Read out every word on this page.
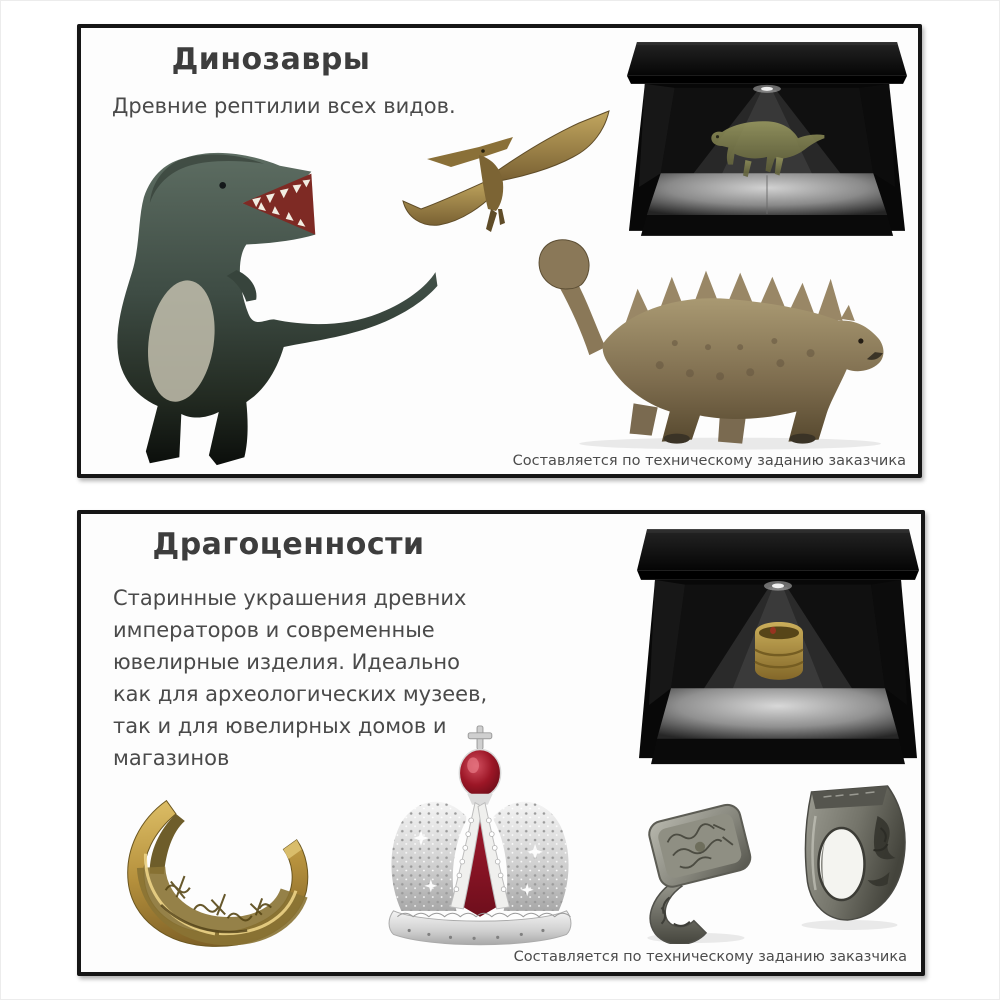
Динозавры

Древние рептилии всех видов.

Составляется по техническому заданию заказчика
Драгоценности
Старинные украшения древних
императоров и современные
ювелирные изделия. Идеально
как для археологических музеев,
так и для ювелирных домов и
магазинов
Составляется по техническому заданию заказчика
